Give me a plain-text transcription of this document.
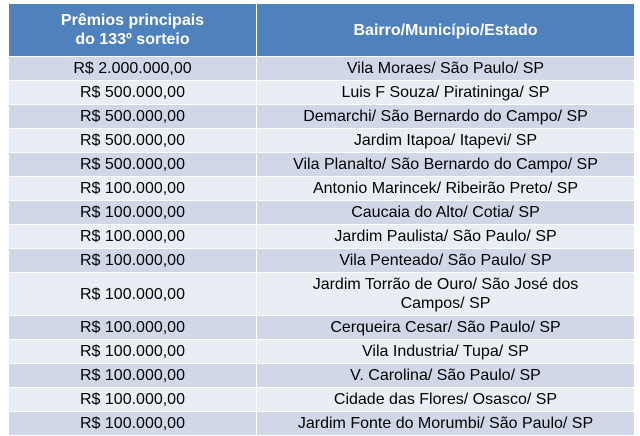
Prêmios principais
do 133º sorteio	Bairro/Município/Estado
R$ 2.000.000,00	Vila Moraes/ São Paulo/ SP
R$ 500.000,00	Luis F Souza/ Piratininga/ SP
R$ 500.000,00	Demarchi/ São Bernardo do Campo/ SP
R$ 500.000,00	Jardim Itapoa/ Itapevi/ SP
R$ 500.000,00	Vila Planalto/ São Bernardo do Campo/ SP
R$ 100.000,00	Antonio Marincek/ Ribeirão Preto/ SP
R$ 100.000,00	Caucaia do Alto/ Cotia/ SP
R$ 100.000,00	Jardim Paulista/ São Paulo/ SP
R$ 100.000,00	Vila Penteado/ São Paulo/ SP
R$ 100.000,00	Jardim Torrão de Ouro/ São José dos
Campos/ SP

R$ 100.000,00	Cerqueira Cesar/ São Paulo/ SP
R$ 100.000,00	Vila Industria/ Tupa/ SP
R$ 100.000,00	V. Carolina/ São Paulo/ SP
R$ 100.000,00	Cidade das Flores/ Osasco/ SP
R$ 100.000,00	Jardim Fonte do Morumbi/ São Paulo/ SP
